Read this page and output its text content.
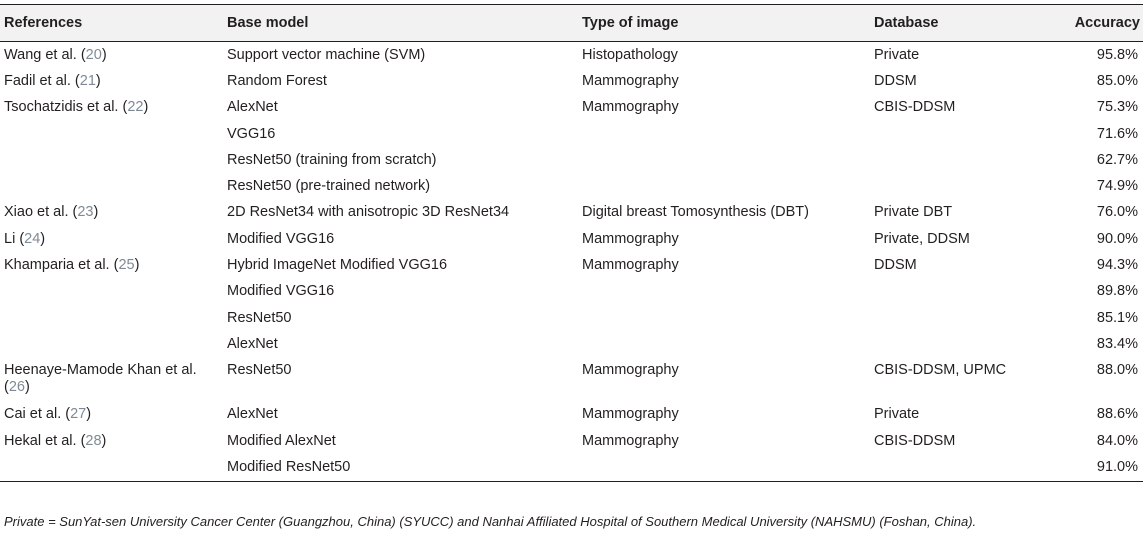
References	Base model	Type of image	Database	Accuracy
Wang et al. (20)	Support vector machine (SVM)	Histopathology	Private	95.8%
Fadil et al. (21)	Random Forest	Mammography	DDSM	85.0%
Tsochatzidis et al. (22)	AlexNet	Mammography	CBIS-DDSM	75.3%
	VGG16			71.6%
	ResNet50 (training from scratch)			62.7%
	ResNet50 (pre-trained network)			74.9%
Xiao et al. (23)	2D ResNet34 with anisotropic 3D ResNet34	Digital breast Tomosynthesis (DBT)	Private DBT	76.0%
Li (24)	Modified VGG16	Mammography	Private, DDSM	90.0%
Khamparia et al. (25)	Hybrid ImageNet Modified VGG16	Mammography	DDSM	94.3%
	Modified VGG16			89.8%
	ResNet50			85.1%
	AlexNet			83.4%
Heenaye-Mamode Khan et al. (26)	ResNet50	Mammography	CBIS-DDSM, UPMC	88.0%
Cai et al. (27)	AlexNet	Mammography	Private	88.6%
Hekal et al. (28)	Modified AlexNet	Mammography	CBIS-DDSM	84.0%
	Modified ResNet50			91.0%
Private = SunYat-sen University Cancer Center (Guangzhou, China) (SYUCC) and Nanhai Affiliated Hospital of Southern Medical University (NAHSMU) (Foshan, China).
